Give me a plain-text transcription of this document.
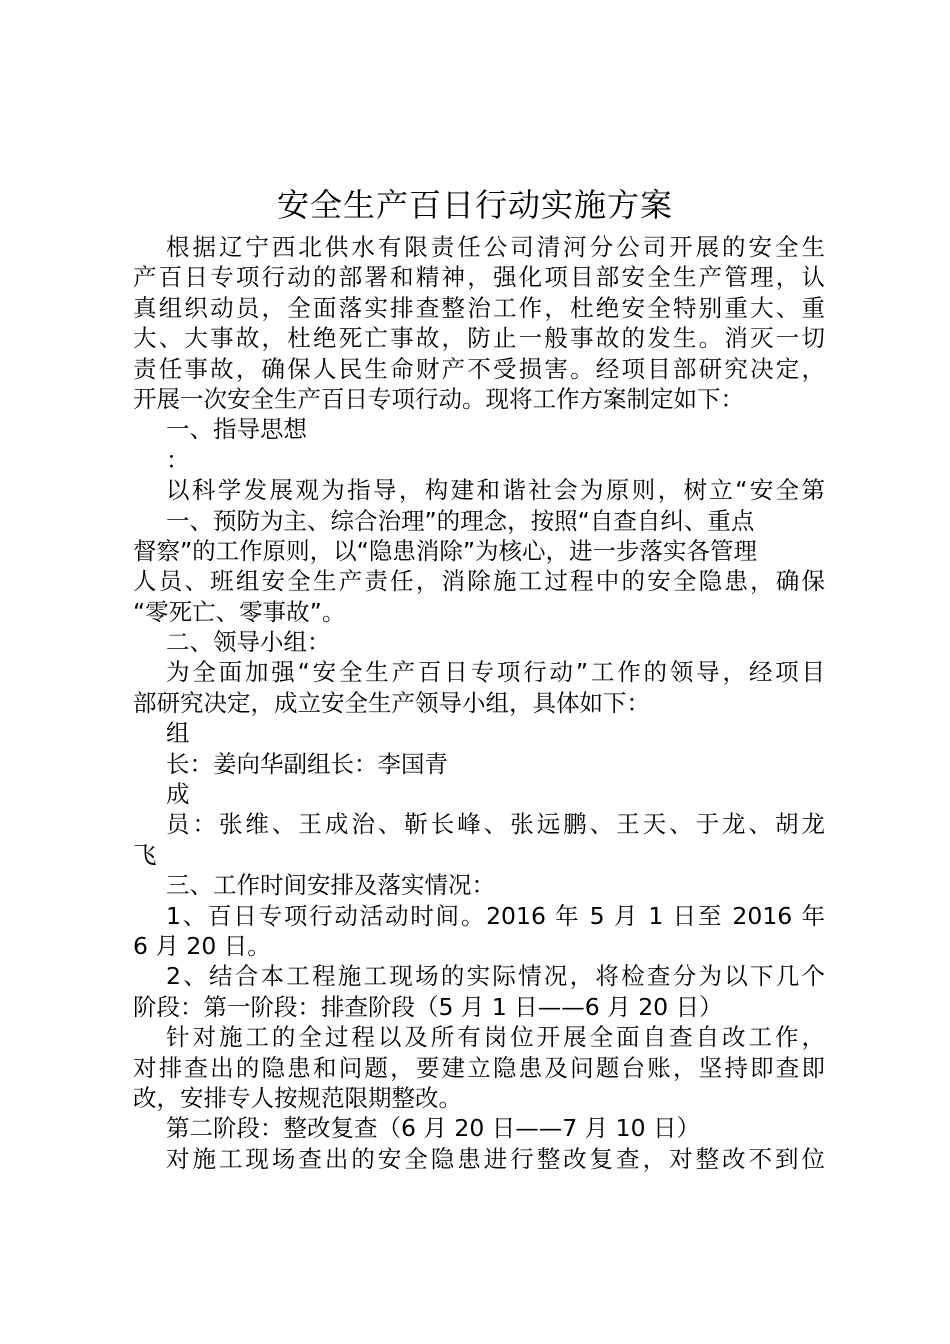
安全生产百日行动实施方案
根据辽宁西北供水有限责任公司清河分公司开展的安全生
产百日专项行动的部署和精神，强化项目部安全生产管理，认
真组织动员，全面落实排查整治工作，杜绝安全特别重大、重
大、大事故，杜绝死亡事故，防止一般事故的发生。消灭一切
责任事故，确保人民生命财产不受损害。经项目部研究决定，
开展一次安全生产百日专项行动。现将工作方案制定如下：
一、指导思想
：
以科学发展观为指导，构建和谐社会为原则，树立“安全第
一、预防为主、综合治理”的理念，按照“自查自纠、重点
督察”的工作原则，以“隐患消除”为核心，进一步落实各管理
人员、班组安全生产责任，消除施工过程中的安全隐患，确保
“零死亡、零事故”。
二、领导小组：
为全面加强“安全生产百日专项行动”工作的领导，经项目
部研究决定，成立安全生产领导小组，具体如下：
组
长：姜向华副组长：李国青
成
员：张维、王成治、靳长峰、张远鹏、王天、于龙、胡龙
飞
三、工作时间安排及落实情况：
1、百日专项行动活动时间。2016 年 5 月 1 日至 2016 年
6 月 20 日。
2、结合本工程施工现场的实际情况，将检查分为以下几个
阶段：第一阶段：排查阶段（5 月 1 日——6 月 20 日）
针对施工的全过程以及所有岗位开展全面自查自改工作，
对排查出的隐患和问题，要建立隐患及问题台账，坚持即查即
改，安排专人按规范限期整改。
第二阶段：整改复查（6 月 20 日——7 月 10 日）
对施工现场查出的安全隐患进行整改复查，对整改不到位
